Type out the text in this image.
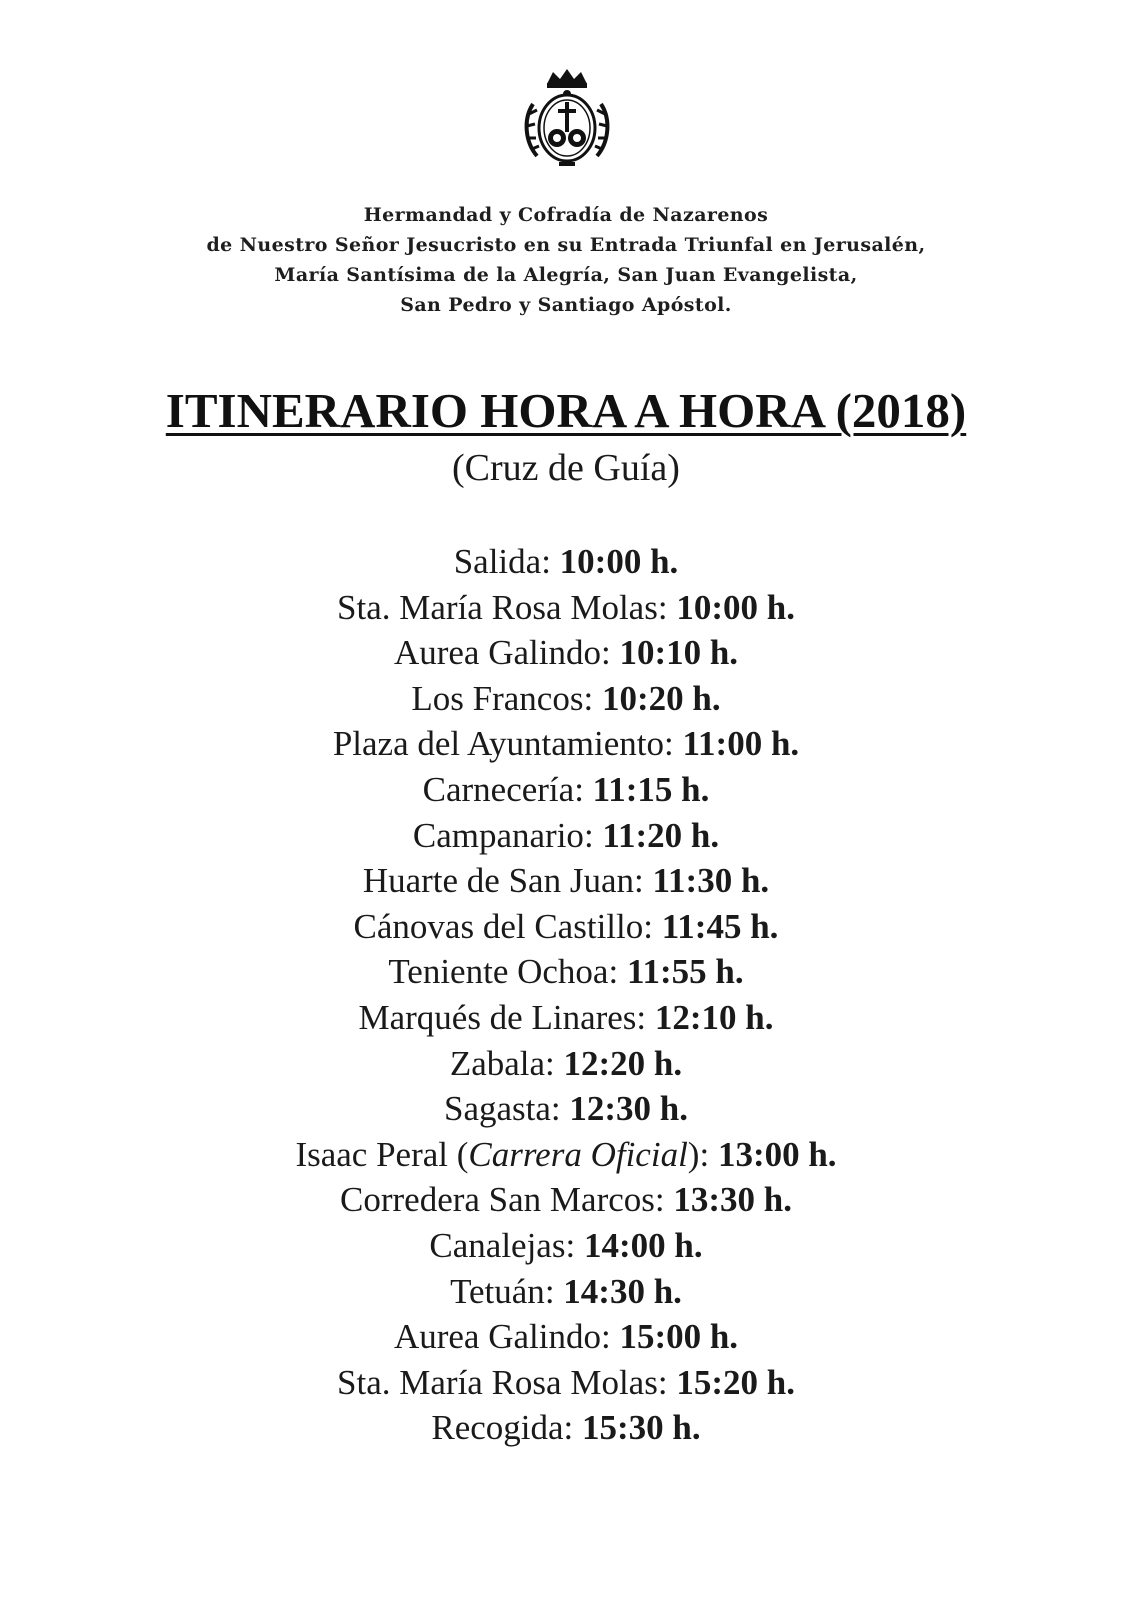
Hermandad y Cofradía de Nazarenos
de Nuestro Señor Jesucristo en su Entrada Triunfal en Jerusalén,
María Santísima de la Alegría, San Juan Evangelista,
San Pedro y Santiago Apóstol.
ITINERARIO HORA A HORA (2018)
(Cruz de Guía)
Salida: 10:00 h.
Sta. María Rosa Molas: 10:00 h.
Aurea Galindo: 10:10 h.
Los Francos: 10:20 h.
Plaza del Ayuntamiento: 11:00 h.
Carnecería: 11:15 h.
Campanario: 11:20 h.
Huarte de San Juan: 11:30 h.
Cánovas del Castillo: 11:45 h.
Teniente Ochoa: 11:55 h.
Marqués de Linares: 12:10 h.
Zabala: 12:20 h.
Sagasta: 12:30 h.
Isaac Peral (Carrera Oficial): 13:00 h.
Corredera San Marcos: 13:30 h.
Canalejas: 14:00 h.
Tetuán: 14:30 h.
Aurea Galindo: 15:00 h.
Sta. María Rosa Molas: 15:20 h.
Recogida: 15:30 h.
